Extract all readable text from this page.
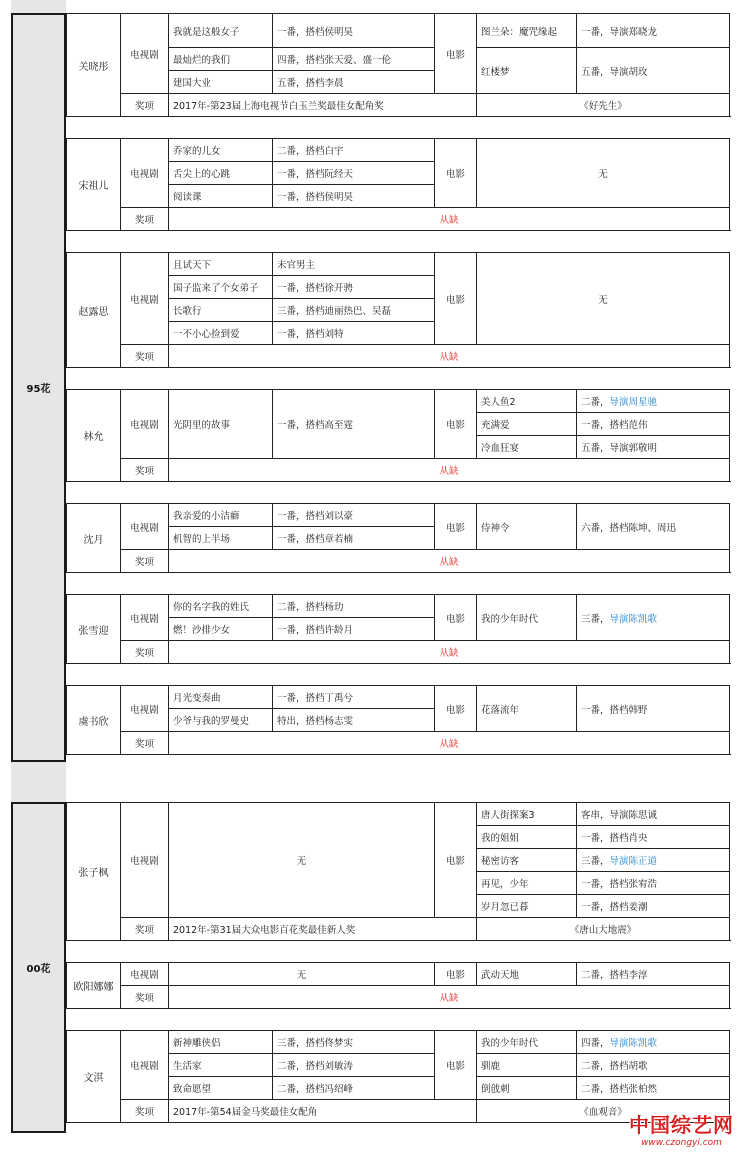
95花
关晓彤	电视剧	我就是这般女子	一番，搭档侯明昊	电影	图兰朵：魔咒缘起	一番，导演郑晓龙
		最灿烂的我们	四番，搭档张天爱、盛一伦		红楼梦	五番，导演胡玫
		建国大业	五番，搭档李晨			
	奖项	2017年-第23届上海电视节白玉兰奖最佳女配角奖			《好先生》	

宋祖儿	电视剧	乔家的儿女	二番，搭档白宇	电影	无	
		舌尖上的心跳	一番，搭档阮经天			
		阅读课	一番，搭档侯明昊			
	奖项	从缺				

赵露思	电视剧	且试天下	未官男主	电影	无	
		国子监来了个女弟子	一番，搭档徐开骋			
		长歌行	三番，搭档迪丽热巴、吴磊			
		一不小心捡到爱	一番，搭档刘特			
	奖项	从缺				

林允	电视剧	光阴里的故事	一番，搭档高至霆	电影	美人鱼2	二番，导演周星驰
					充满爱	一番，搭档范伟
					冷血狂宴	五番，导演郭敬明
	奖项	从缺				

沈月	电视剧	我亲爱的小洁癖	一番，搭档刘以豪	电影	侍神令	六番，搭档陈坤、周迅
		机智的上半场	一番，搭档章若楠			
	奖项	从缺				

张雪迎	电视剧	你的名字我的姓氏	二番，搭档杨玏	电影	我的少年时代	三番，导演陈凯歌
		燃！沙排少女	一番，搭档许龄月			
	奖项	从缺				

虞书欣	电视剧	月光变奏曲	一番，搭档丁禹兮	电影	花落流年	一番，搭档韩野
		少爷与我的罗曼史	特出，搭档杨志雯			
	奖项	从缺				
00花
张子枫	电视剧	无		电影	唐人街探案3	客串，导演陈思诚
					我的姐姐	一番，搭档肖央
					秘密访客	三番，导演陈正道
					再见，少年	一番，搭档张宥浩
					岁月忽已暮	一番，搭档姜潮
	奖项	2012年-第31届大众电影百花奖最佳新人奖			《唐山大地震》	

欧阳娜娜	电视剧	无		电影	武动天地	二番，搭档李淳
	奖项	从缺				

文淇	电视剧	新神雕侠侣	三番，搭档佟梦实	电影	我的少年时代	四番，导演陈凯歌
		生活家	二番，搭档刘敏涛		驯鹿	二番，搭档胡歌
		致命愿望	二番，搭档冯绍峰		倒戗刺	二番，搭档张柏然
	奖项	2017年-第54届金马奖最佳女配角			《血观音》	
中国综艺网
www.czongyi.com
